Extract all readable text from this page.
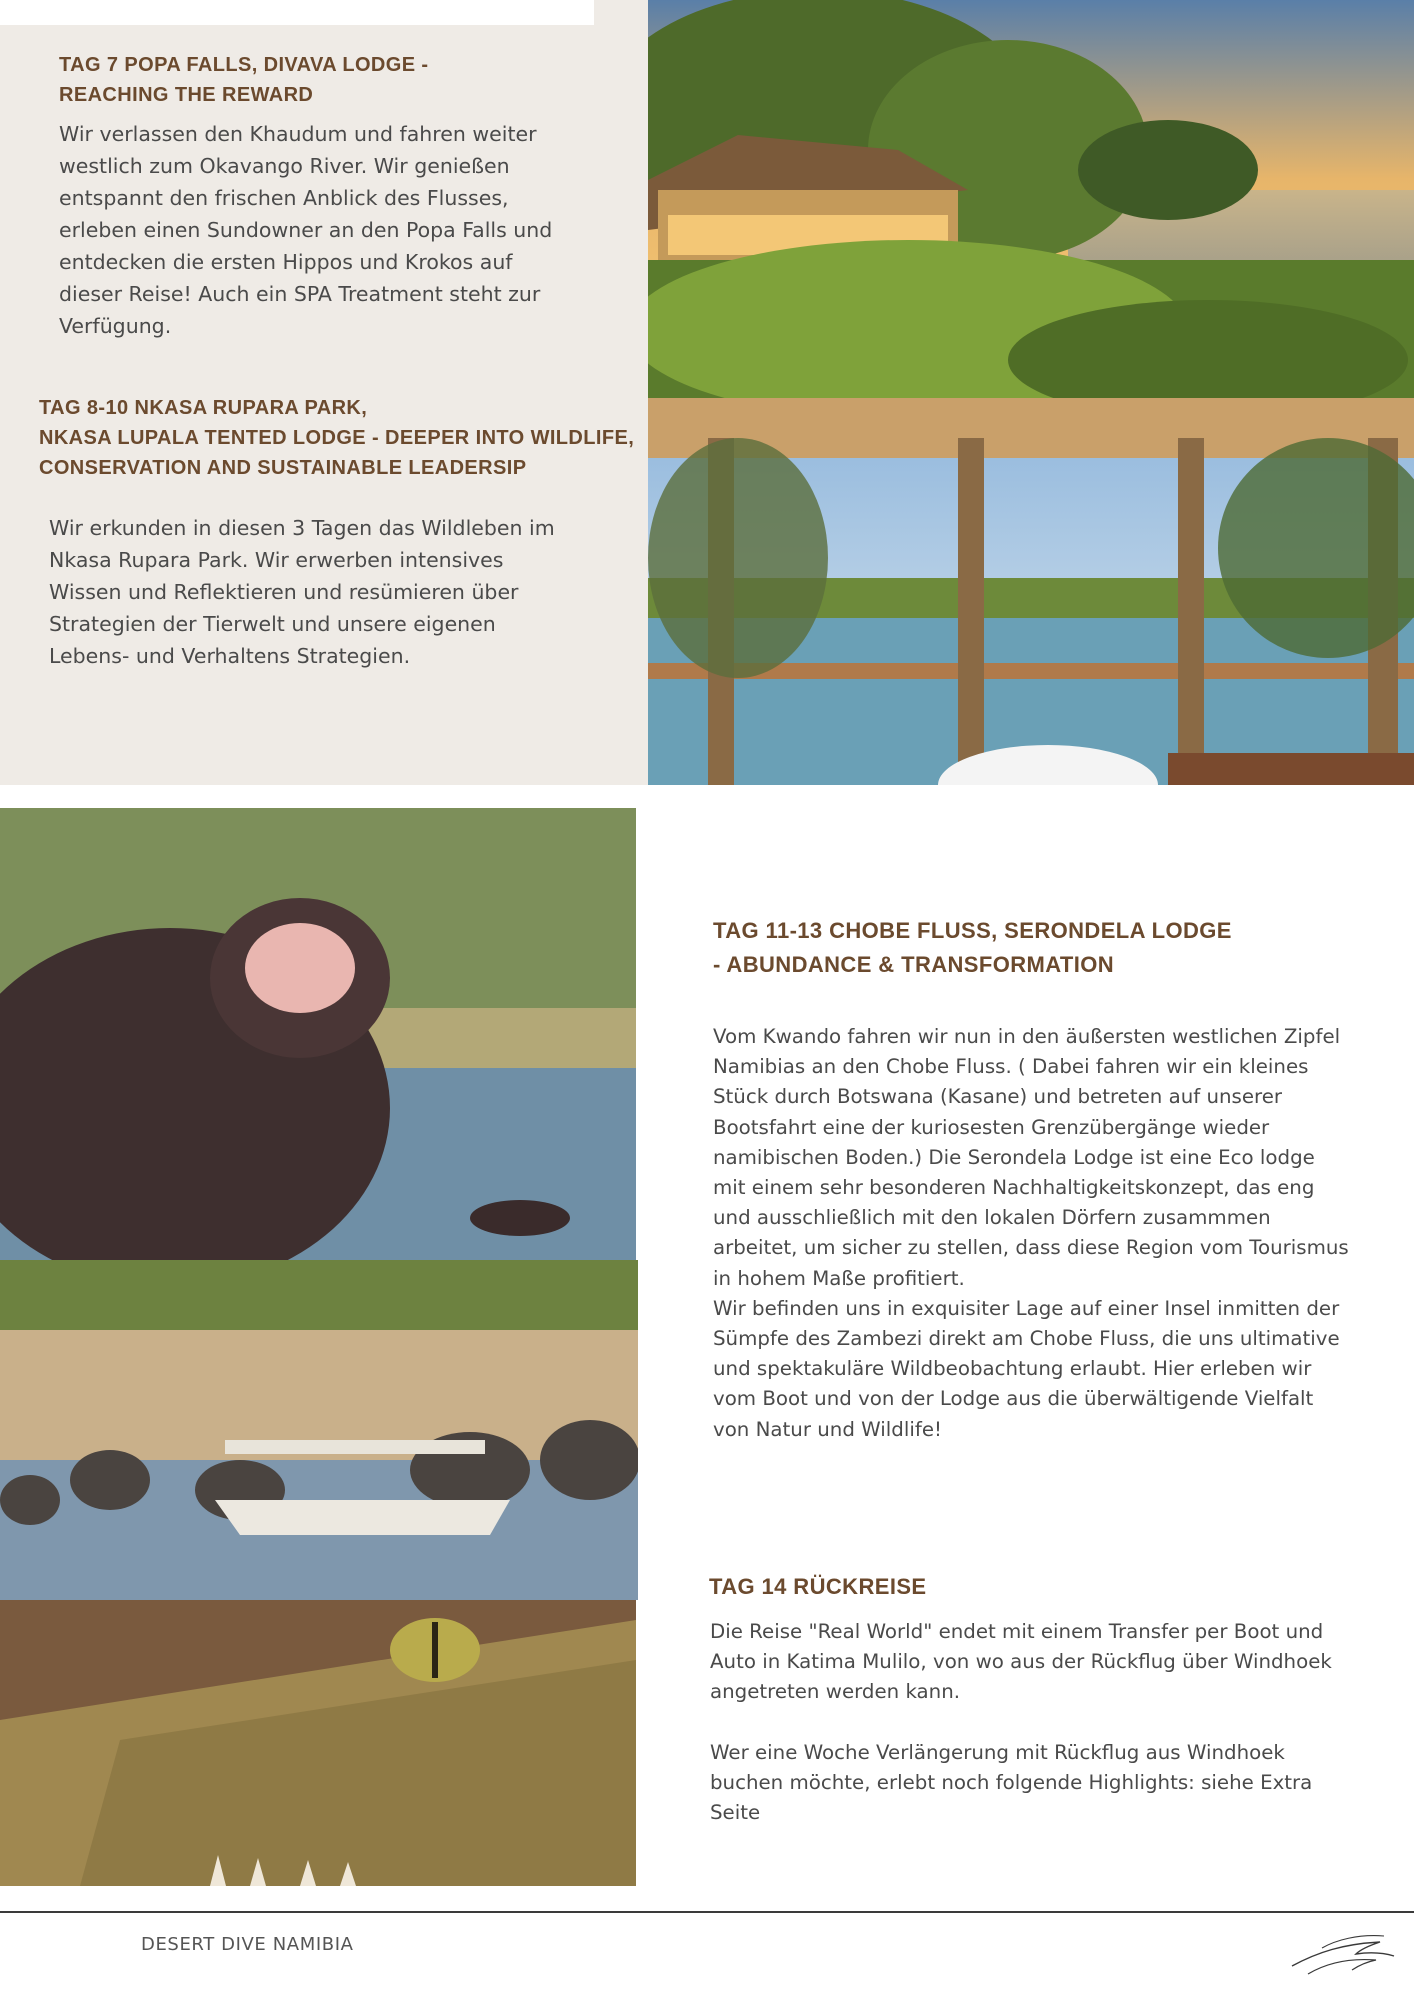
TAG 7 POPA FALLS, DIVAVA LODGE -
REACHING THE REWARD

Wir verlassen den Khaudum und fahren weiter westlich zum Okavango River. Wir genießen entspannt den frischen Anblick des Flusses, erleben einen Sundowner an den Popa Falls und entdecken die ersten Hippos und Krokos auf dieser Reise! Auch ein SPA Treatment steht zur Verfügung.

TAG 8-10 NKASA RUPARA PARK,
NKASA LUPALA TENTED LODGE - DEEPER INTO WILDLIFE,
CONSERVATION AND SUSTAINABLE LEADERSIP

Wir erkunden in diesen 3 Tagen das Wildleben im Nkasa Rupara Park. Wir erwerben intensives Wissen und Reflektieren und resümieren über Strategien der Tierwelt und unsere eigenen Lebens- und Verhaltens Strategien.

TAG 11-13 CHOBE FLUSS, SERONDELA LODGE
- ABUNDANCE & TRANSFORMATION

Vom Kwando fahren wir nun in den äußersten westlichen Zipfel Namibias an den Chobe Fluss. ( Dabei fahren wir ein kleines Stück durch Botswana (Kasane) und betreten auf unserer Bootsfahrt eine der kuriosesten Grenzübergänge wieder namibischen Boden.) Die Serondela Lodge ist eine Eco lodge mit einem sehr besonderen Nachhaltigkeitskonzept, das eng und ausschließlich mit den lokalen Dörfern zusammmen arbeitet, um sicher zu stellen, dass diese Region vom Tourismus in hohem Maße profitiert.

Wir befinden uns in exquisiter Lage auf einer Insel inmitten der Sümpfe des Zambezi direkt am Chobe Fluss, die uns ultimative und spektakuläre Wildbeobachtung erlaubt. Hier erleben wir vom Boot und von der Lodge aus die überwältigende Vielfalt von Natur und Wildlife!

TAG 14 RÜCKREISE

Die Reise "Real World" endet mit einem Transfer per Boot und Auto in Katima Mulilo, von wo aus der Rückflug über Windhoek angetreten werden kann.

Wer eine Woche Verlängerung mit Rückflug aus Windhoek buchen möchte, erlebt noch folgende Highlights: siehe Extra Seite

DESERT DIVE NAMIBIA
